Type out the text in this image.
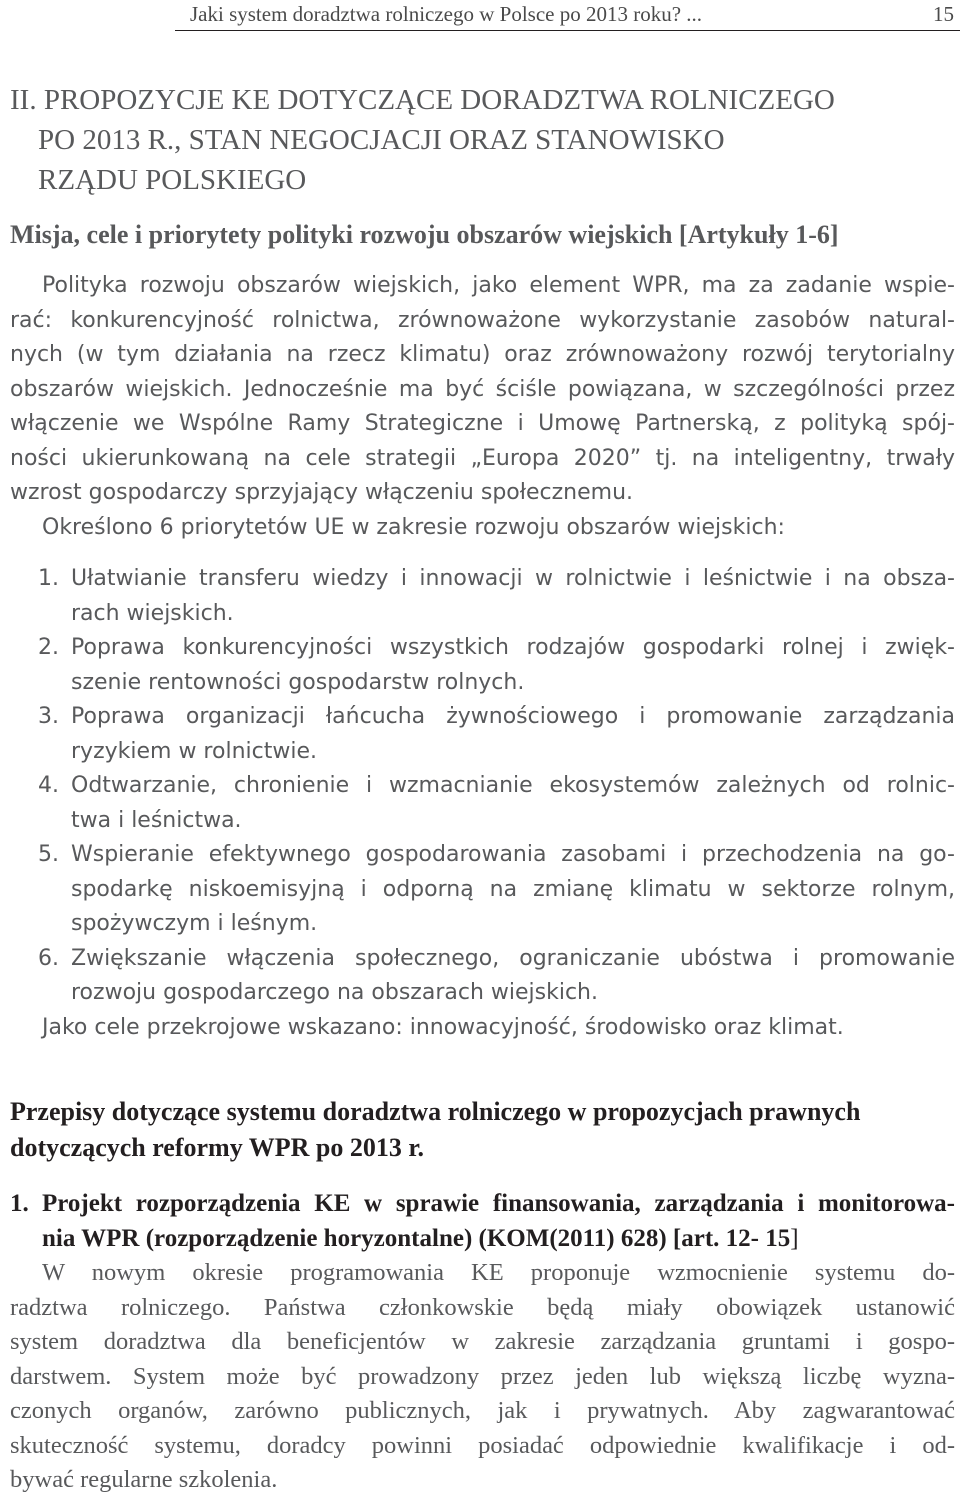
Jaki system doradztwa rolniczego w Polsce po 2013 roku? ...	15
II. PROPOZYCJE KE DOTYCZĄCE DORADZTWA ROLNICZEGO
PO 2013 R., STAN NEGOCJACJI ORAZ STANOWISKO
RZĄDU POLSKIEGO
Misja, cele i priorytety polityki rozwoju obszarów wiejskich [Artykuły 1-6]
Polityka rozwoju obszarów wiejskich, jako element WPR, ma za zadanie wspie-
rać: konkurencyjność rolnictwa, zrównoważone wykorzystanie zasobów natural-
nych (w tym działania na rzecz klimatu) oraz zrównoważony rozwój terytorialny
obszarów wiejskich. Jednocześnie ma być ściśle powiązana, w szczególności przez
włączenie we Wspólne Ramy Strategiczne i Umowę Partnerską, z polityką spój-
ności ukierunkowaną na cele strategii „Europa 2020” tj. na inteligentny, trwały
wzrost gospodarczy sprzyjający włączeniu społecznemu.
Określono 6 priorytetów UE w zakresie rozwoju obszarów wiejskich:
1. Ułatwianie transferu wiedzy i innowacji w rolnictwie i leśnictwie i na obsza-
rach wiejskich.
2. Poprawa konkurencyjności wszystkich rodzajów gospodarki rolnej i zwięk-
szenie rentowności gospodarstw rolnych.
3. Poprawa organizacji łańcucha żywnościowego i promowanie zarządzania
ryzykiem w rolnictwie.
4. Odtwarzanie, chronienie i wzmacnianie ekosystemów zależnych od rolnic-
twa i leśnictwa.
5. Wspieranie efektywnego gospodarowania zasobami i przechodzenia na go-
spodarkę niskoemisyjną i odporną na zmianę klimatu w sektorze rolnym,
spożywczym i leśnym.
6. Zwiększanie włączenia społecznego, ograniczanie ubóstwa i promowanie
rozwoju gospodarczego na obszarach wiejskich.
Jako cele przekrojowe wskazano: innowacyjność, środowisko oraz klimat.
Przepisy dotyczące systemu doradztwa rolniczego w propozycjach prawnych
dotyczących reformy WPR po 2013 r.
1. Projekt rozporządzenia KE w sprawie finansowania, zarządzania i monitorowa-
nia WPR (rozporządzenie horyzontalne) (KOM(2011) 628) [art. 12- 15]
W nowym okresie programowania KE proponuje wzmocnienie systemu do-
radztwa rolniczego. Państwa członkowskie będą miały obowiązek ustanowić
system doradztwa dla beneficjentów w zakresie zarządzania gruntami i gospo-
darstwem. System może być prowadzony przez jeden lub większą liczbę wyzna-
czonych organów, zarówno publicznych, jak i prywatnych. Aby zagwarantować
skuteczność systemu, doradcy powinni posiadać odpowiednie kwalifikacje i od-
bywać regularne szkolenia.
